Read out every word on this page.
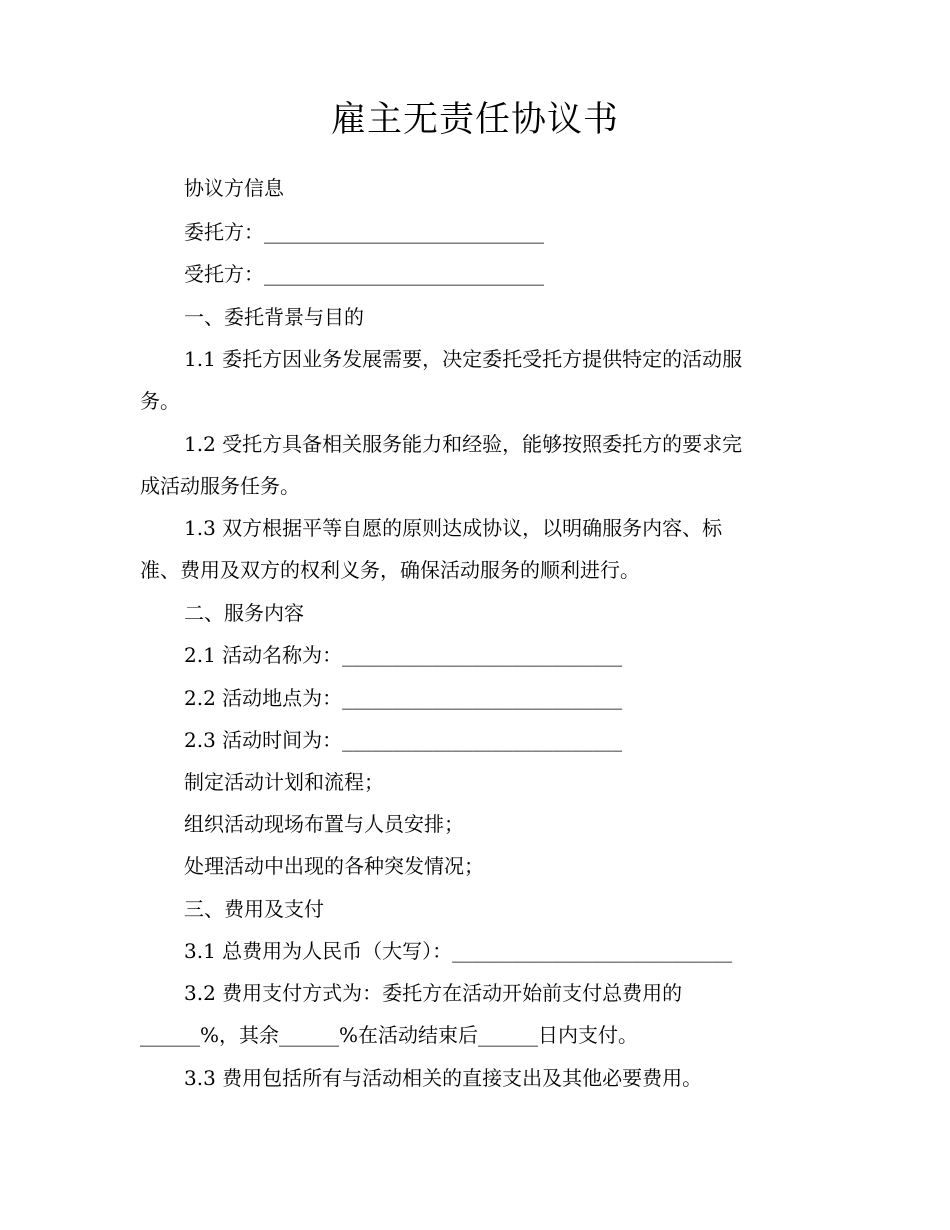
雇主无责任协议书
协议方信息
委托方：____________________________
受托方：____________________________
一、委托背景与目的
1.1 委托方因业务发展需要，决定委托受托方提供特定的活动服
务。
1.2 受托方具备相关服务能力和经验，能够按照委托方的要求完
成活动服务任务。
1.3 双方根据平等自愿的原则达成协议，以明确服务内容、标
准、费用及双方的权利义务，确保活动服务的顺利进行。
二、服务内容
2.1 活动名称为：____________________________
2.2 活动地点为：____________________________
2.3 活动时间为：____________________________
制定活动计划和流程；
组织活动现场布置与人员安排；
处理活动中出现的各种突发情况；
三、费用及支付
3.1 总费用为人民币（大写）：____________________________
3.2 费用支付方式为：委托方在活动开始前支付总费用的
______%，其余______%在活动结束后______日内支付。
3.3 费用包括所有与活动相关的直接支出及其他必要费用。
